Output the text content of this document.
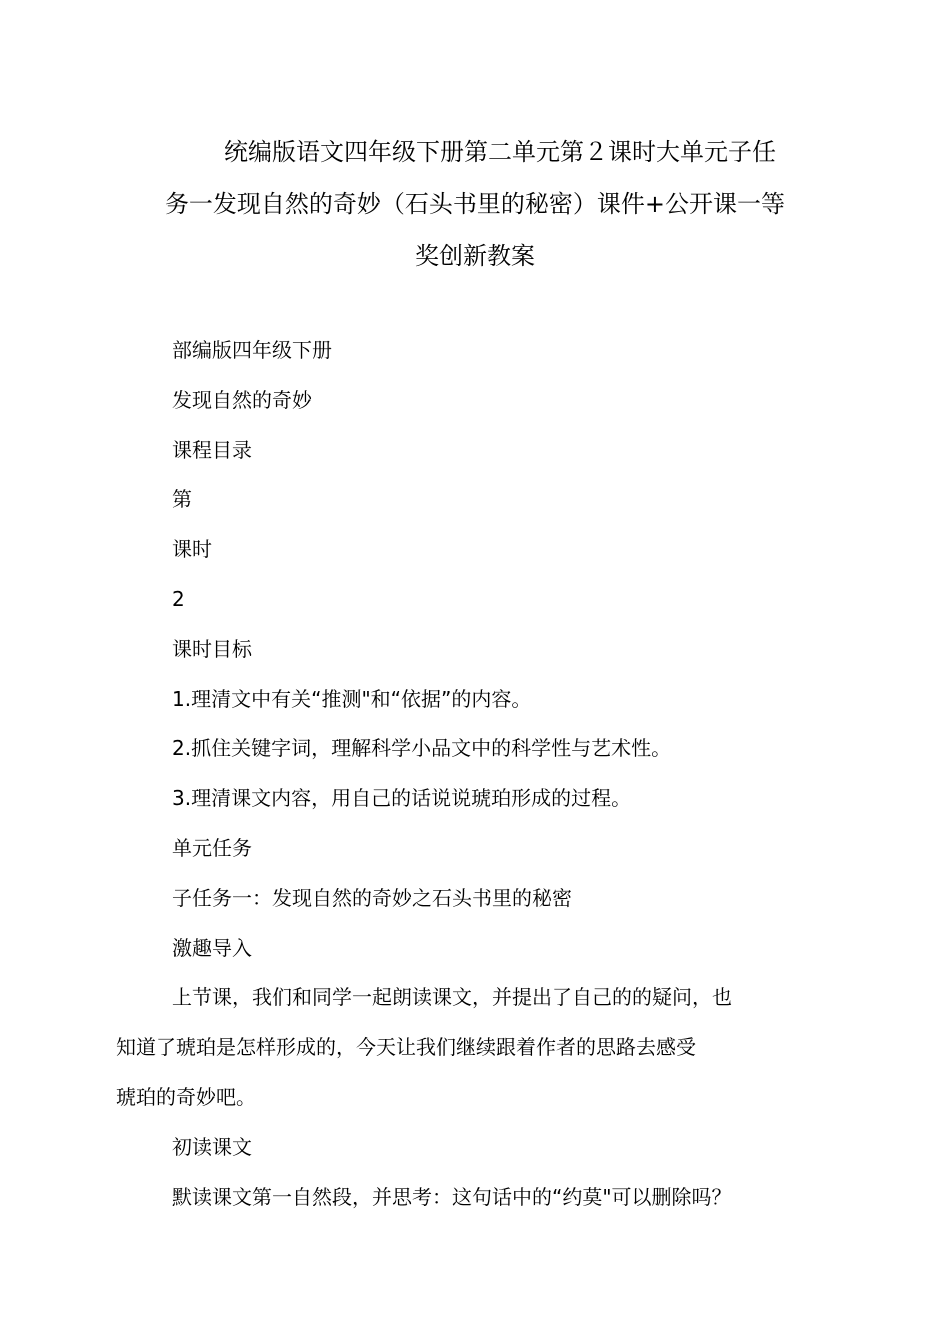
统编版语文四年级下册第二单元第２课时大单元子任
务一发现自然的奇妙（石头书里的秘密）课件+公开课一等
奖创新教案

部编版四年级下册

发现自然的奇妙

课程目录

第

课时

2

课时目标

1.理清文中有关“推测"和“依据”的内容。

2.抓住关键字词，理解科学小品文中的科学性与艺术性。

3.理清课文内容，用自己的话说说琥珀形成的过程。

单元任务

子任务一：发现自然的奇妙之石头书里的秘密

激趣导入

上节课，我们和同学一起朗读课文，并提出了自己的的疑问，也
知道了琥珀是怎样形成的，今天让我们继续跟着作者的思路去感受
琥珀的奇妙吧。

初读课文

默读课文第一自然段，并思考：这句话中的“约莫"可以删除吗？
